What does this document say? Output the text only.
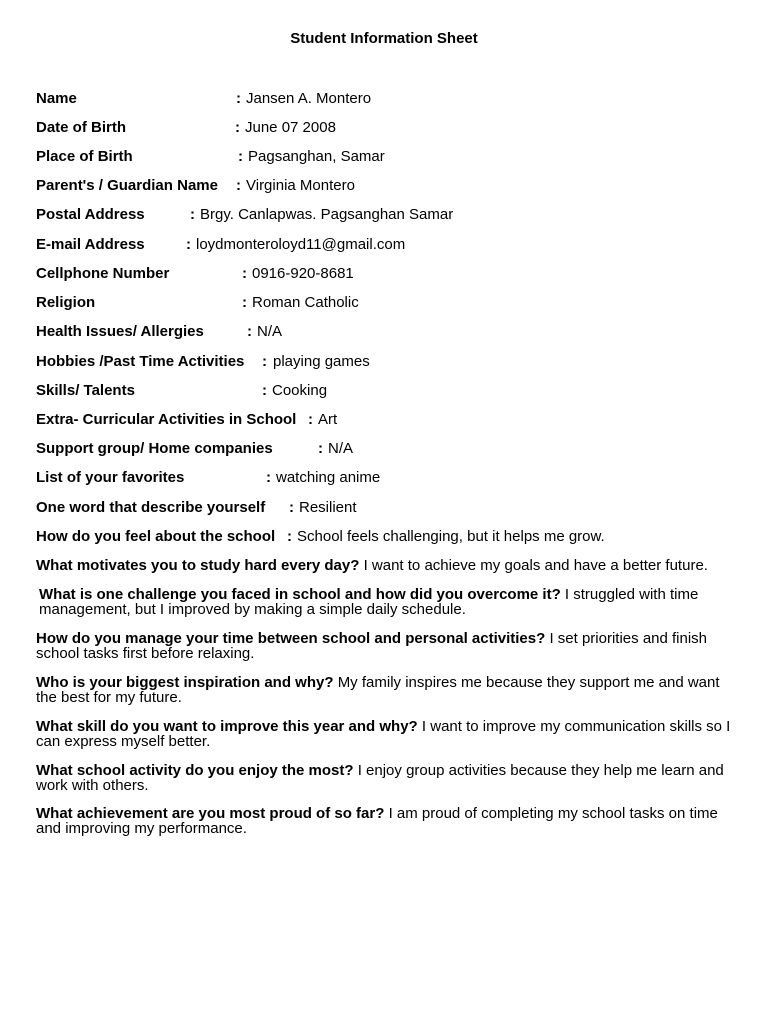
Student Information Sheet
Name	: Jansen A. Montero
Date of Birth	: June 07 2008
Place of Birth	: Pagsanghan, Samar
Parent's / Guardian Name : Virginia Montero
Postal Address	: Brgy. Canlapwas. Pagsanghan Samar
E-mail Address	: loydmonteroloyd11@gmail.com
Cellphone Number	: 0916-920-8681
Religion	: Roman Catholic
Health Issues/ Allergies	: N/A
Hobbies /Past Time Activities : playing games
Skills/ Talents	: Cooking
Extra- Curricular Activities in School : Art
Support group/ Home companies	: N/A
List of your favorites	: watching anime
One word that describe yourself : Resilient
How do you feel about the school : School feels challenging, but it helps me grow.
What motivates you to study hard every day? I want to achieve my goals and have a better future.
What is one challenge you faced in school and how did you overcome it? I struggled with time management, but I improved by making a simple daily schedule.
How do you manage your time between school and personal activities? I set priorities and finish school tasks first before relaxing.
Who is your biggest inspiration and why? My family inspires me because they support me and want the best for my future.
What skill do you want to improve this year and why? I want to improve my communication skills so I can express myself better.
What school activity do you enjoy the most? I enjoy group activities because they help me learn and work with others.
What achievement are you most proud of so far? I am proud of completing my school tasks on time and improving my performance.
